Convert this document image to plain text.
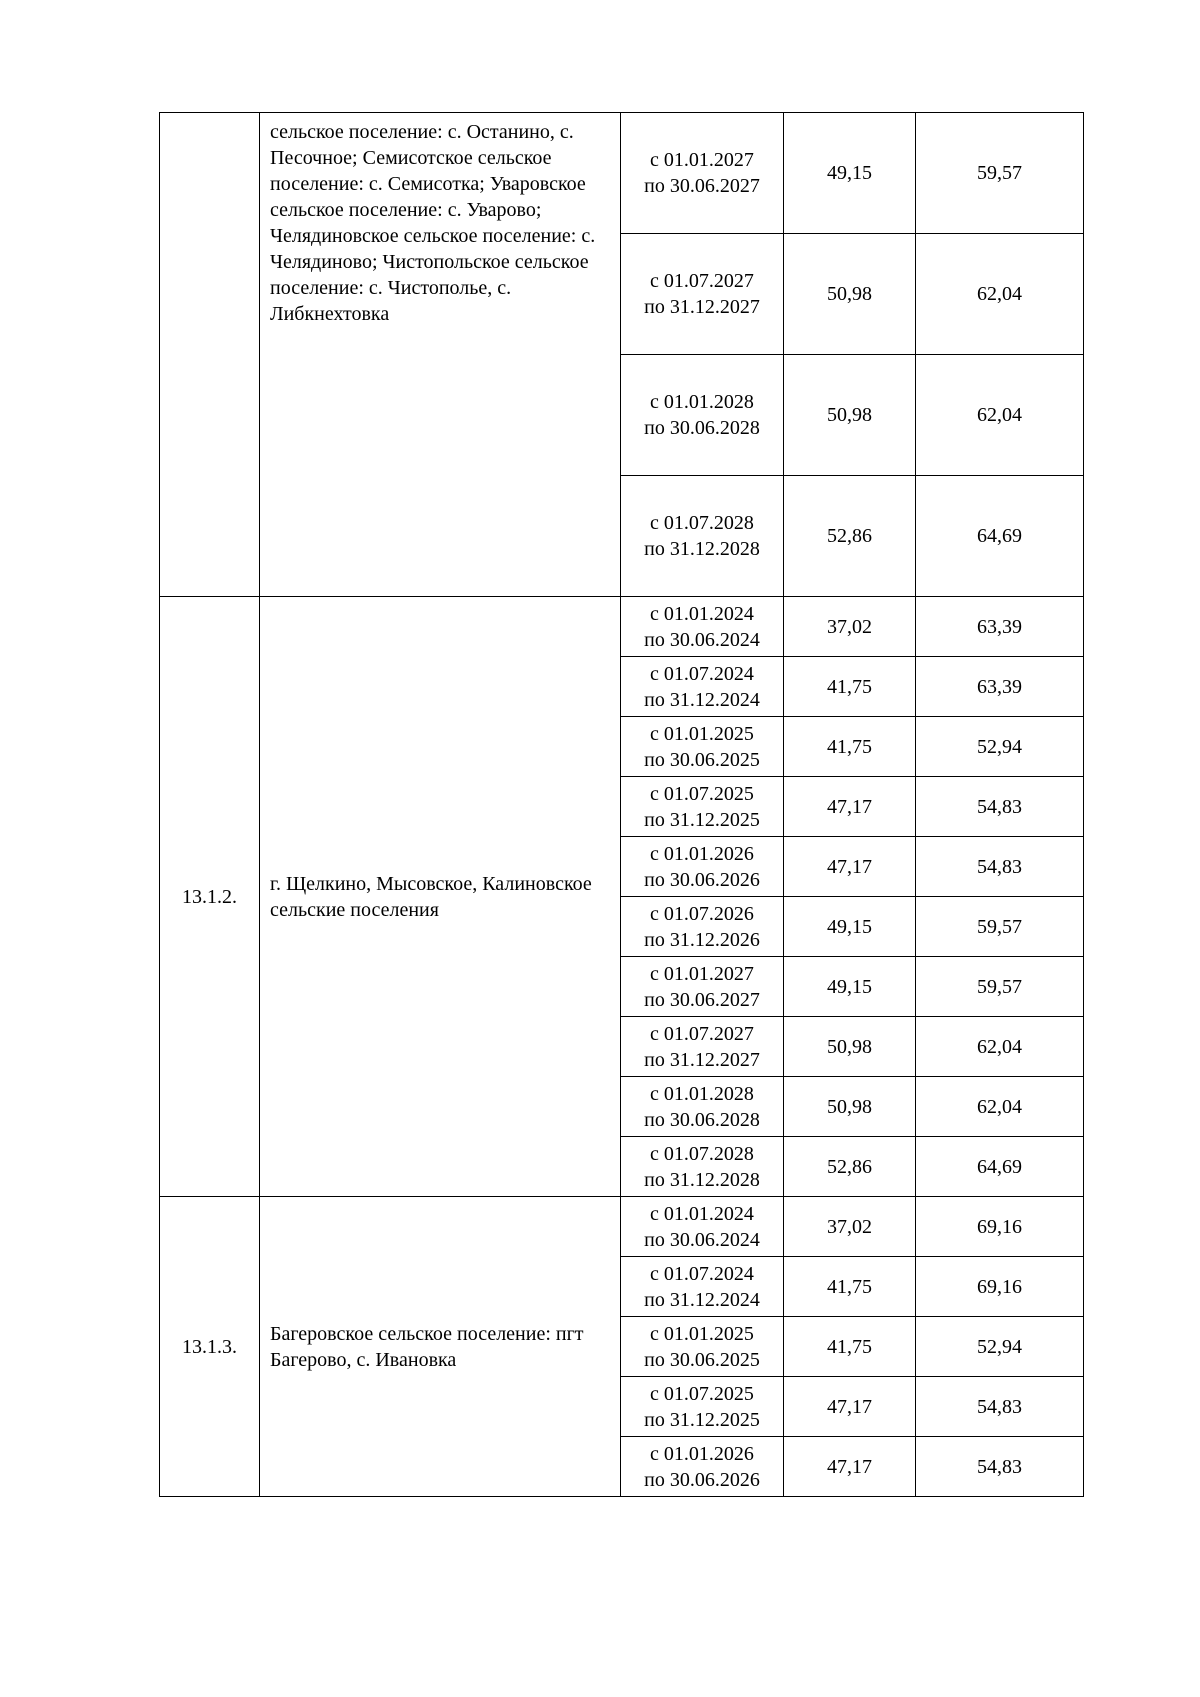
	сельское поселение: с. Останино, с. Песочное; Семисотское сельское поселение: с. Семисотка; Уваровское сельское поселение: с. Уварово; Челядиновское сельское поселение: с. Челядиново; Чистопольское сельское поселение: с. Чистополье, с. Либкнехтовка	с 01.01.2027
по 30.06.2027	49,15	59,57

		с 01.07.2027
по 31.12.2027	50,98	62,04

		с 01.01.2028
по 30.06.2028	50,98	62,04

		с 01.07.2028
по 31.12.2028	52,86	64,69
13.1.2.	г. Щелкино, Мысовское, Калиновское сельские поселения	с 01.01.2024
по 30.06.2024	37,02	63,39

		с 01.07.2024
по 31.12.2024	41,75	63,39

		с 01.01.2025
по 30.06.2025	41,75	52,94

		с 01.07.2025
по 31.12.2025	47,17	54,83

		с 01.01.2026
по 30.06.2026	47,17	54,83

		с 01.07.2026
по 31.12.2026	49,15	59,57

		с 01.01.2027
по 30.06.2027	49,15	59,57

		с 01.07.2027
по 31.12.2027	50,98	62,04

		с 01.01.2028
по 30.06.2028	50,98	62,04

		с 01.07.2028
по 31.12.2028	52,86	64,69
13.1.3.	Багеровское сельское поселение: пгт Багерово, с. Ивановка	с 01.01.2024
по 30.06.2024	37,02	69,16

		с 01.07.2024
по 31.12.2024	41,75	69,16

		с 01.01.2025
по 30.06.2025	41,75	52,94

		с 01.07.2025
по 31.12.2025	47,17	54,83

		с 01.01.2026
по 30.06.2026	47,17	54,83
